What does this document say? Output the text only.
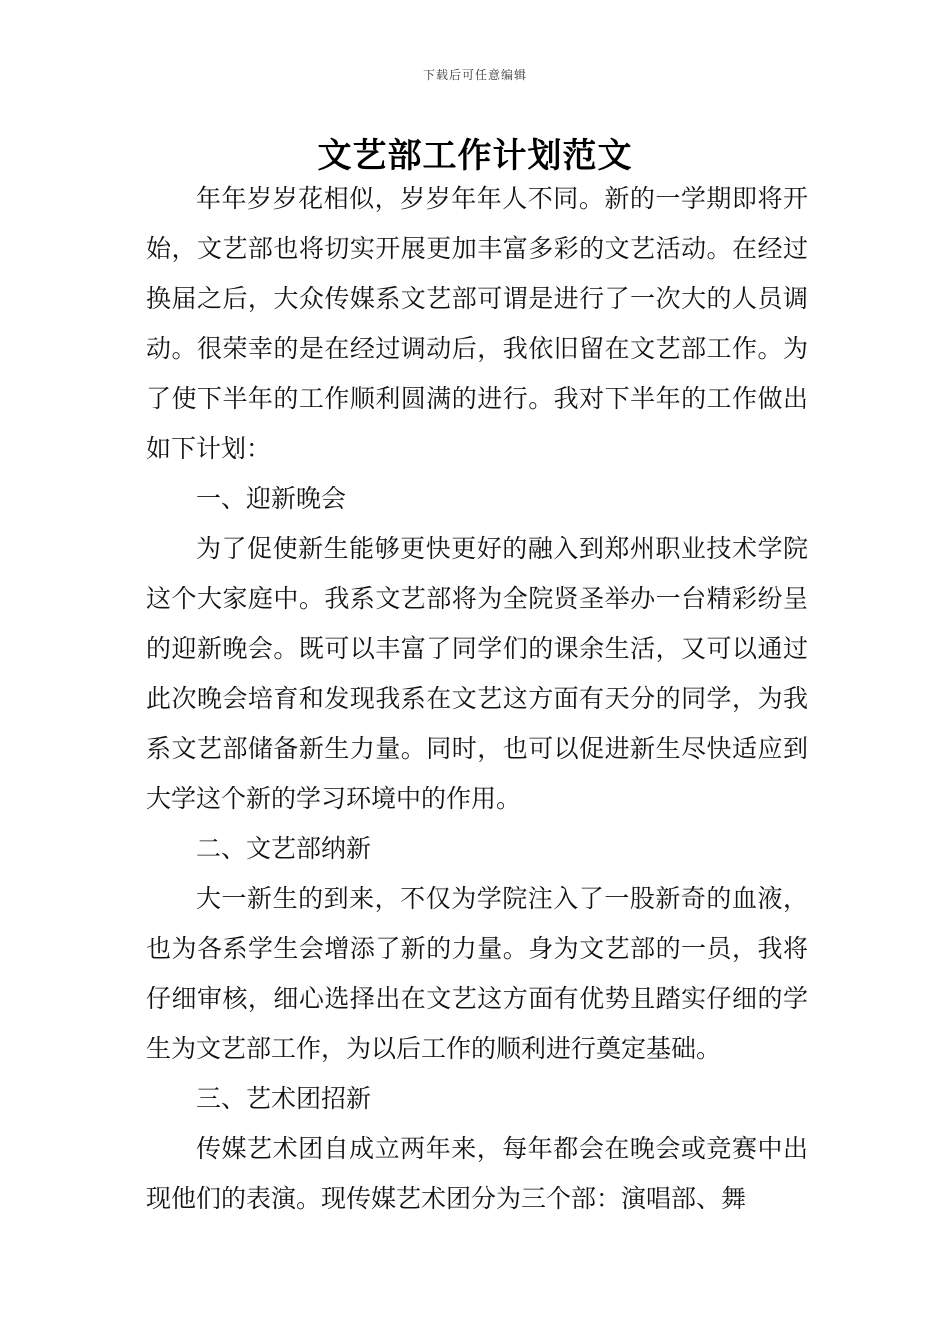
下载后可任意编辑
文艺部工作计划范文

年年岁岁花相似，岁岁年年人不同。新的一学期即将开始，文艺部也将切实开展更加丰富多彩的文艺活动。在经过换届之后，大众传媒系文艺部可谓是进行了一次大的人员调动。很荣幸的是在经过调动后，我依旧留在文艺部工作。为了使下半年的工作顺利圆满的进行。我对下半年的工作做出如下计划：

一、迎新晚会

为了促使新生能够更快更好的融入到郑州职业技术学院这个大家庭中。我系文艺部将为全院贤圣举办一台精彩纷呈的迎新晚会。既可以丰富了同学们的课余生活，又可以通过此次晚会培育和发现我系在文艺这方面有天分的同学，为我系文艺部储备新生力量。同时，也可以促进新生尽快适应到大学这个新的学习环境中的作用。

二、文艺部纳新

大一新生的到来，不仅为学院注入了一股新奇的血液，也为各系学生会增添了新的力量。身为文艺部的一员，我将仔细审核，细心选择出在文艺这方面有优势且踏实仔细的学生为文艺部工作，为以后工作的顺利进行奠定基础。

三、艺术团招新

传媒艺术团自成立两年来，每年都会在晚会或竞赛中出现他们的表演。现传媒艺术团分为三个部：演唱部、舞
